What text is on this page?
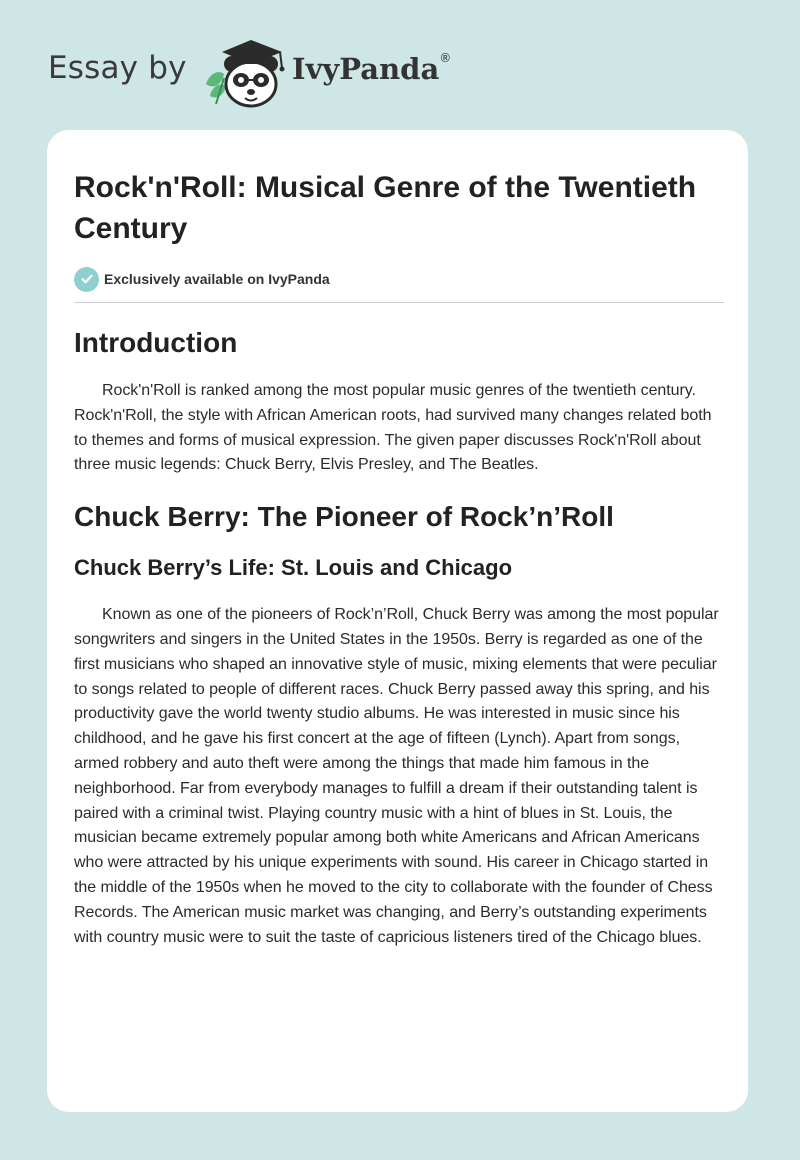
Essay by	IvyPanda®
Rock'n'Roll: Musical Genre of the Twentieth Century
Exclusively available on IvyPanda
Introduction

Rock'n'Roll is ranked among the most popular music genres of the twentieth century. Rock'n'Roll, the style with African American roots, had survived many changes related both to themes and forms of musical expression. The given paper discusses Rock'n'Roll about three music legends: Chuck Berry, Elvis Presley, and The Beatles.

Chuck Berry: The Pioneer of Rock’n’Roll
Chuck Berry’s Life: St. Louis and Chicago

Known as one of the pioneers of Rock’n’Roll, Chuck Berry was among the most popular songwriters and singers in the United States in the 1950s. Berry is regarded as one of the first musicians who shaped an innovative style of music, mixing elements that were peculiar to songs related to people of different races. Chuck Berry passed away this spring, and his productivity gave the world twenty studio albums. He was interested in music since his childhood, and he gave his first concert at the age of fifteen (Lynch). Apart from songs, armed robbery and auto theft were among the things that made him famous in the neighborhood. Far from everybody manages to fulfill a dream if their outstanding talent is paired with a criminal twist. Playing country music with a hint of blues in St. Louis, the musician became extremely popular among both white Americans and African Americans who were attracted by his unique experiments with sound. His career in Chicago started in the middle of the 1950s when he moved to the city to collaborate with the founder of Chess Records. The American music market was changing, and Berry’s outstanding experiments with country music were to suit the taste of capricious listeners tired of the Chicago blues.
